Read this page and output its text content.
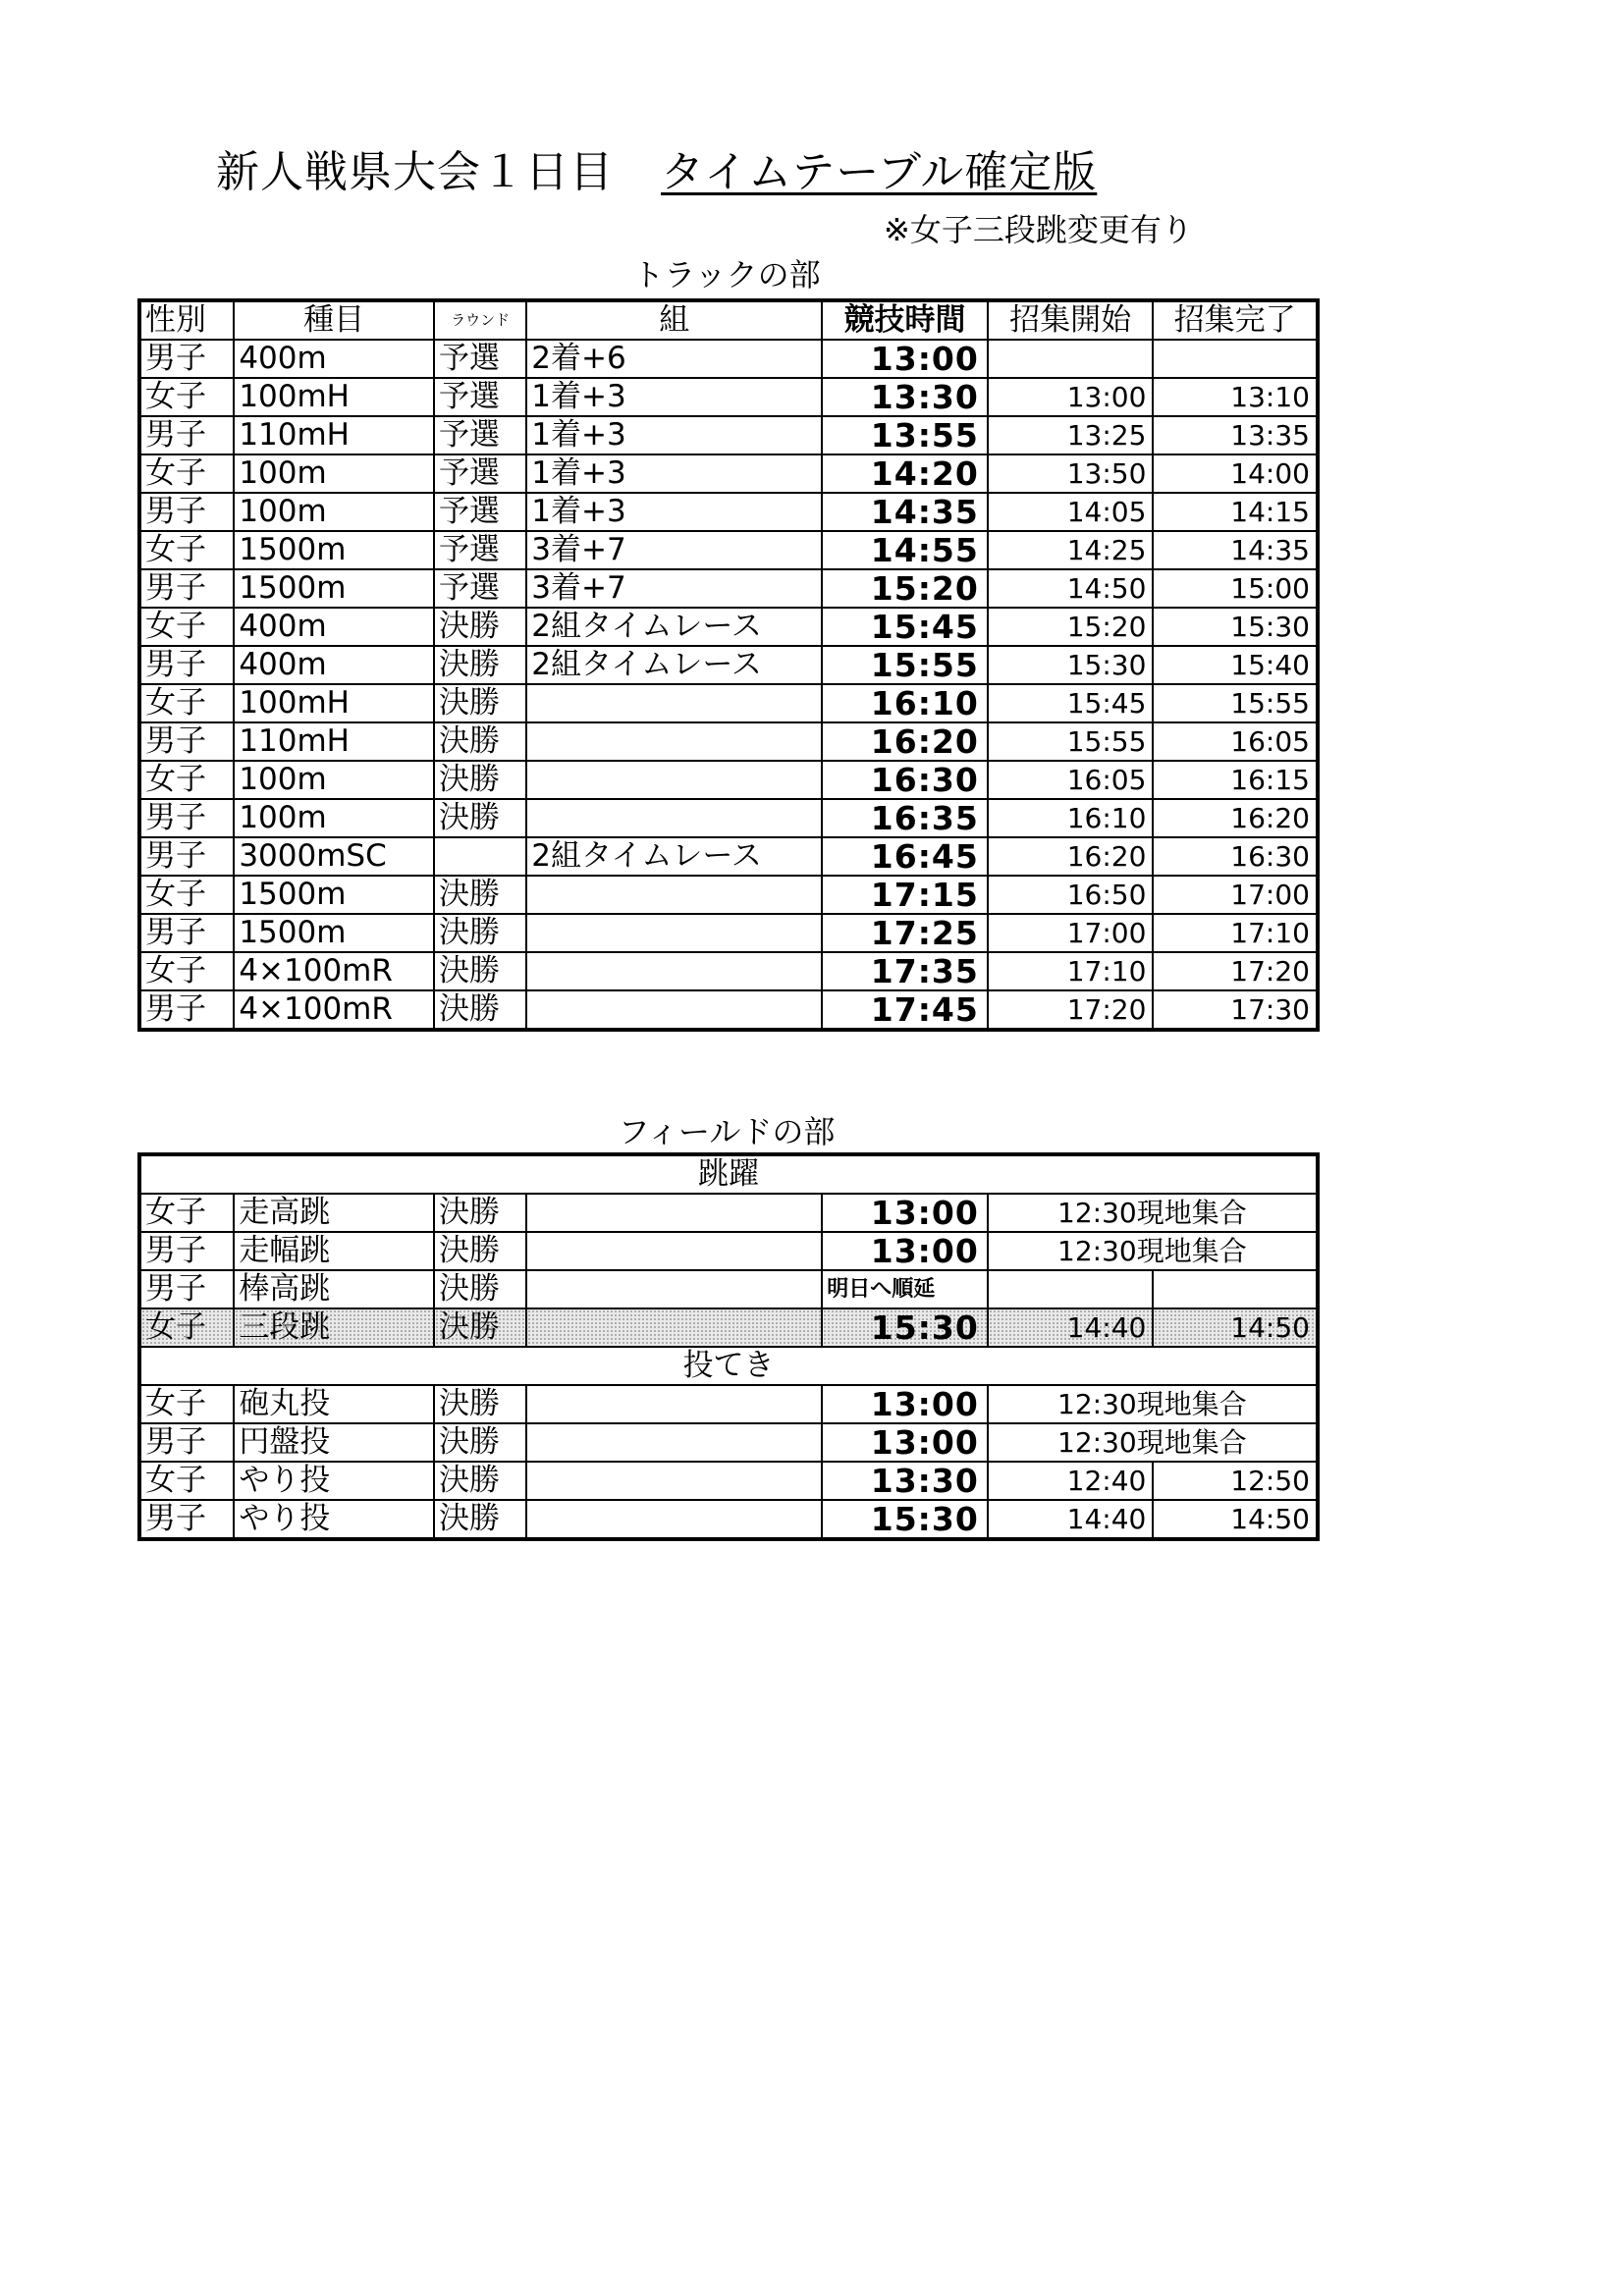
新人戦県大会１日目 タイムテーブル確定版
※女子三段跳変更有り
トラックの部
性別	種目	ラウンド	組	競技時間	招集開始	招集完了
男子	400m	予選	2着+6	13:00		
女子	100mH	予選	1着+3	13:30	13:00	13:10
男子	110mH	予選	1着+3	13:55	13:25	13:35
女子	100m	予選	1着+3	14:20	13:50	14:00
男子	100m	予選	1着+3	14:35	14:05	14:15
女子	1500m	予選	3着+7	14:55	14:25	14:35
男子	1500m	予選	3着+7	15:20	14:50	15:00
女子	400m	決勝	2組タイムレース	15:45	15:20	15:30
男子	400m	決勝	2組タイムレース	15:55	15:30	15:40
女子	100mH	決勝		16:10	15:45	15:55
男子	110mH	決勝		16:20	15:55	16:05
女子	100m	決勝		16:30	16:05	16:15
男子	100m	決勝		16:35	16:10	16:20
男子	3000mSC		2組タイムレース	16:45	16:20	16:30
女子	1500m	決勝		17:15	16:50	17:00
男子	1500m	決勝		17:25	17:00	17:10
女子	4×100mR	決勝		17:35	17:10	17:20
男子	4×100mR	決勝		17:45	17:20	17:30
フィールドの部
跳躍						
女子	走高跳	決勝		13:00	12:30現地集合	
男子	走幅跳	決勝		13:00	12:30現地集合	
男子	棒高跳	決勝		明日へ順延		
女子	三段跳	決勝		15:30	14:40	14:50
投てき						
女子	砲丸投	決勝		13:00	12:30現地集合	
男子	円盤投	決勝		13:00	12:30現地集合	
女子	やり投	決勝		13:30	12:40	12:50
男子	やり投	決勝		15:30	14:40	14:50
